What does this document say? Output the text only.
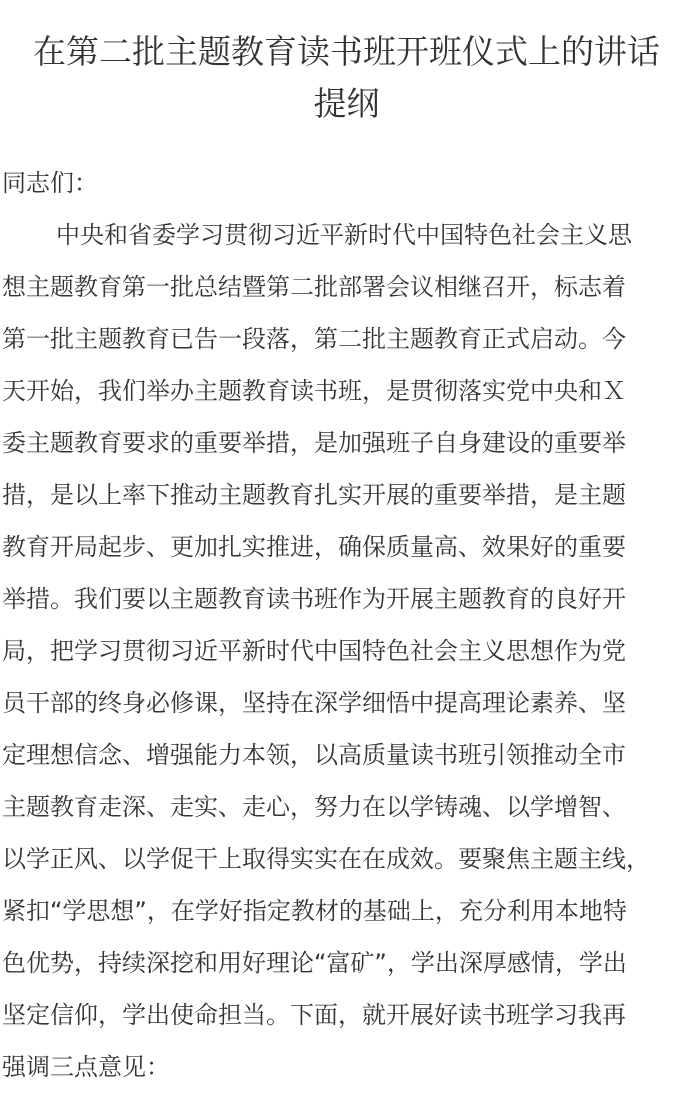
在第二批主题教育读书班开班仪式上的讲话
提纲
同志们：
中央和省委学习贯彻习近平新时代中国特色社会主义思
想主题教育第一批总结暨第二批部署会议相继召开，标志着
第一批主题教育已告一段落，第二批主题教育正式启动。今
天开始，我们举办主题教育读书班，是贯彻落实党中央和Ｘ
委主题教育要求的重要举措，是加强班子自身建设的重要举
措，是以上率下推动主题教育扎实开展的重要举措，是主题
教育开局起步、更加扎实推进，确保质量高、效果好的重要
举措。我们要以主题教育读书班作为开展主题教育的良好开
局，把学习贯彻习近平新时代中国特色社会主义思想作为党
员干部的终身必修课，坚持在深学细悟中提高理论素养、坚
定理想信念、增强能力本领，以高质量读书班引领推动全市
主题教育走深、走实、走心，努力在以学铸魂、以学增智、
以学正风、以学促干上取得实实在在成效。要聚焦主题主线，
紧扣“学思想”，在学好指定教材的基础上，充分利用本地特
色优势，持续深挖和用好理论“富矿”，学出深厚感情，学出
坚定信仰，学出使命担当。下面，就开展好读书班学习我再
强调三点意见：
